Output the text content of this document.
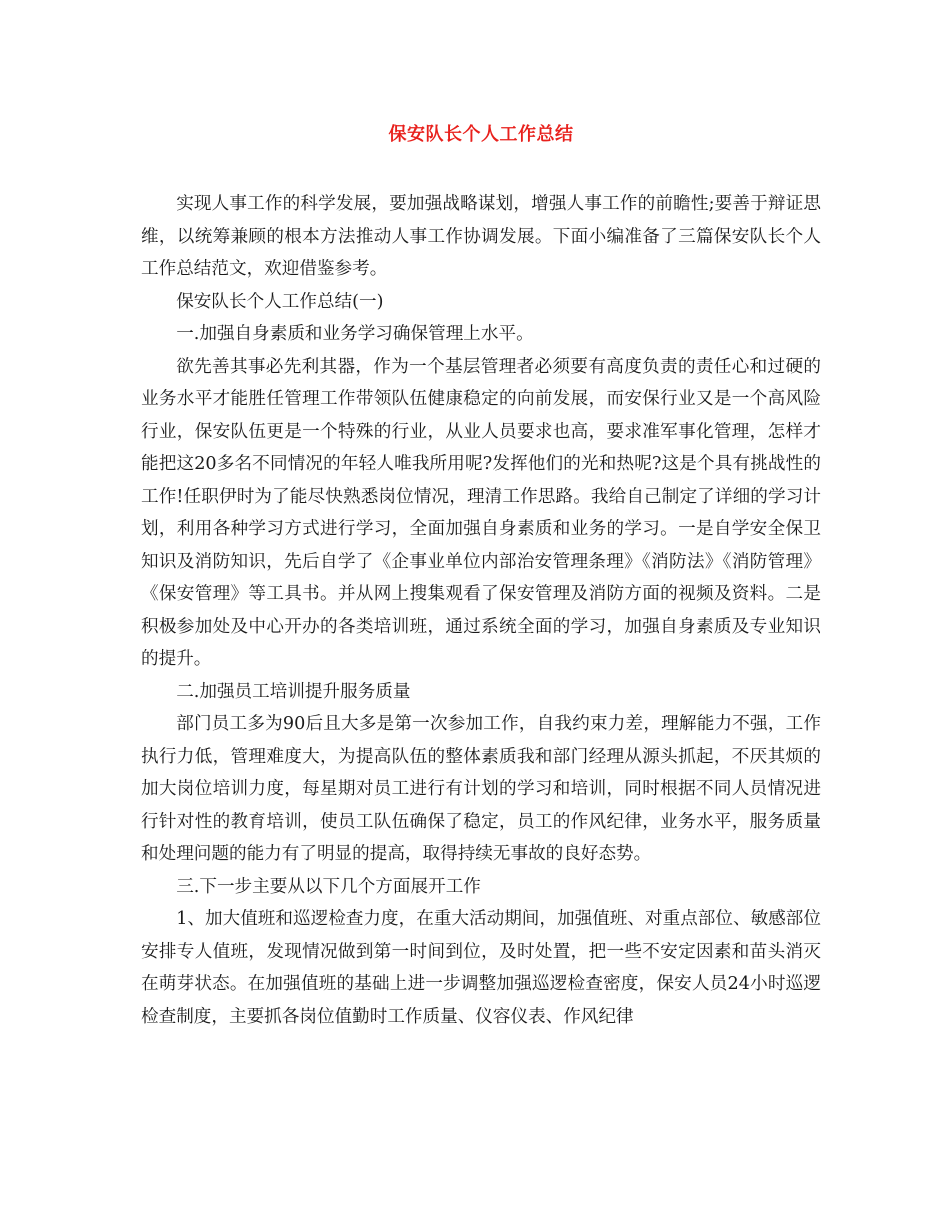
保安队长个人工作总结

实现人事工作的科学发展，要加强战略谋划，增强人事工作的前瞻性;要善于辩证思维，以统筹兼顾的根本方法推动人事工作协调发展。下面小编准备了三篇保安队长个人工作总结范文，欢迎借鉴参考。

保安队长个人工作总结(一)

一.加强自身素质和业务学习确保管理上水平。

欲先善其事必先利其器，作为一个基层管理者必须要有高度负责的责任心和过硬的业务水平才能胜任管理工作带领队伍健康稳定的向前发展，而安保行业又是一个高风险行业，保安队伍更是一个特殊的行业，从业人员要求也高，要求准军事化管理，怎样才能把这20多名不同情况的年轻人唯我所用呢?发挥他们的光和热呢?这是个具有挑战性的工作!任职伊时为了能尽快熟悉岗位情况，理清工作思路。我给自己制定了详细的学习计划，利用各种学习方式进行学习，全面加强自身素质和业务的学习。一是自学安全保卫知识及消防知识，先后自学了《企事业单位内部治安管理条理》《消防法》《消防管理》《保安管理》等工具书。并从网上搜集观看了保安管理及消防方面的视频及资料。二是积极参加处及中心开办的各类培训班，通过系统全面的学习，加强自身素质及专业知识的提升。

二.加强员工培训提升服务质量

部门员工多为90后且大多是第一次参加工作，自我约束力差，理解能力不强，工作执行力低，管理难度大，为提高队伍的整体素质我和部门经理从源头抓起，不厌其烦的加大岗位培训力度，每星期对员工进行有计划的学习和培训，同时根据不同人员情况进行针对性的教育培训，使员工队伍确保了稳定，员工的作风纪律，业务水平，服务质量和处理问题的能力有了明显的提高，取得持续无事故的良好态势。

三.下一步主要从以下几个方面展开工作

1、加大值班和巡逻检查力度，在重大活动期间，加强值班、对重点部位、敏感部位安排专人值班，发现情况做到第一时间到位，及时处置，把一些不安定因素和苗头消灭在萌芽状态。在加强值班的基础上进一步调整加强巡逻检查密度，保安人员24小时巡逻检查制度，主要抓各岗位值勤时工作质量、仪容仪表、作风纪律
